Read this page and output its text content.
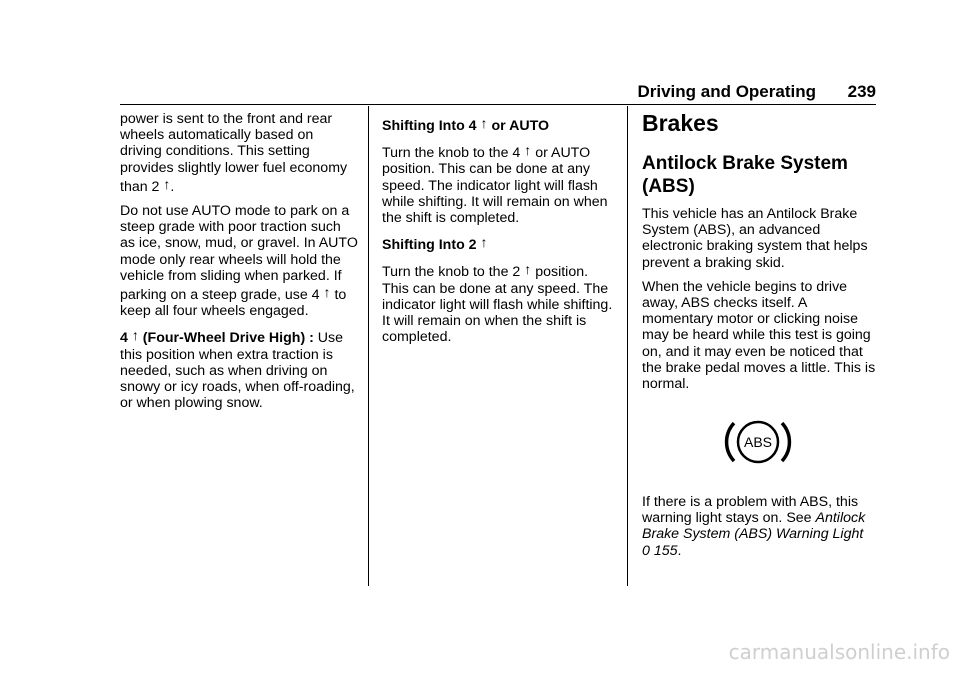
Driving and Operating	239

power is sent to the front and rear wheels automatically based on driving conditions. This setting provides slightly lower fuel economy than 2 ↑.

Do not use AUTO mode to park on a steep grade with poor traction such as ice, snow, mud, or gravel. In AUTO mode only rear wheels will hold the vehicle from sliding when parked. If parking on a steep grade, use 4 ↑ to keep all four wheels engaged.

4 ↑ (Four-Wheel Drive High) : Use this position when extra traction is needed, such as when driving on snowy or icy roads, when off-roading, or when plowing snow.

Shifting Into 4 ↑ or AUTO

Turn the knob to the 4 ↑ or AUTO position. This can be done at any speed. The indicator light will flash while shifting. It will remain on when the shift is completed.

Shifting Into 2 ↑

Turn the knob to the 2 ↑ position. This can be done at any speed. The indicator light will flash while shifting. It will remain on when the shift is completed.

Brakes
Antilock Brake System (ABS)

This vehicle has an Antilock Brake System (ABS), an advanced electronic braking system that helps prevent a braking skid.

When the vehicle begins to drive away, ABS checks itself. A momentary motor or clicking noise may be heard while this test is going on, and it may even be noticed that the brake pedal moves a little. This is normal.

ABS

If there is a problem with ABS, this warning light stays on. See Antilock Brake System (ABS) Warning Light
0 155.

carmanualsonline.info
